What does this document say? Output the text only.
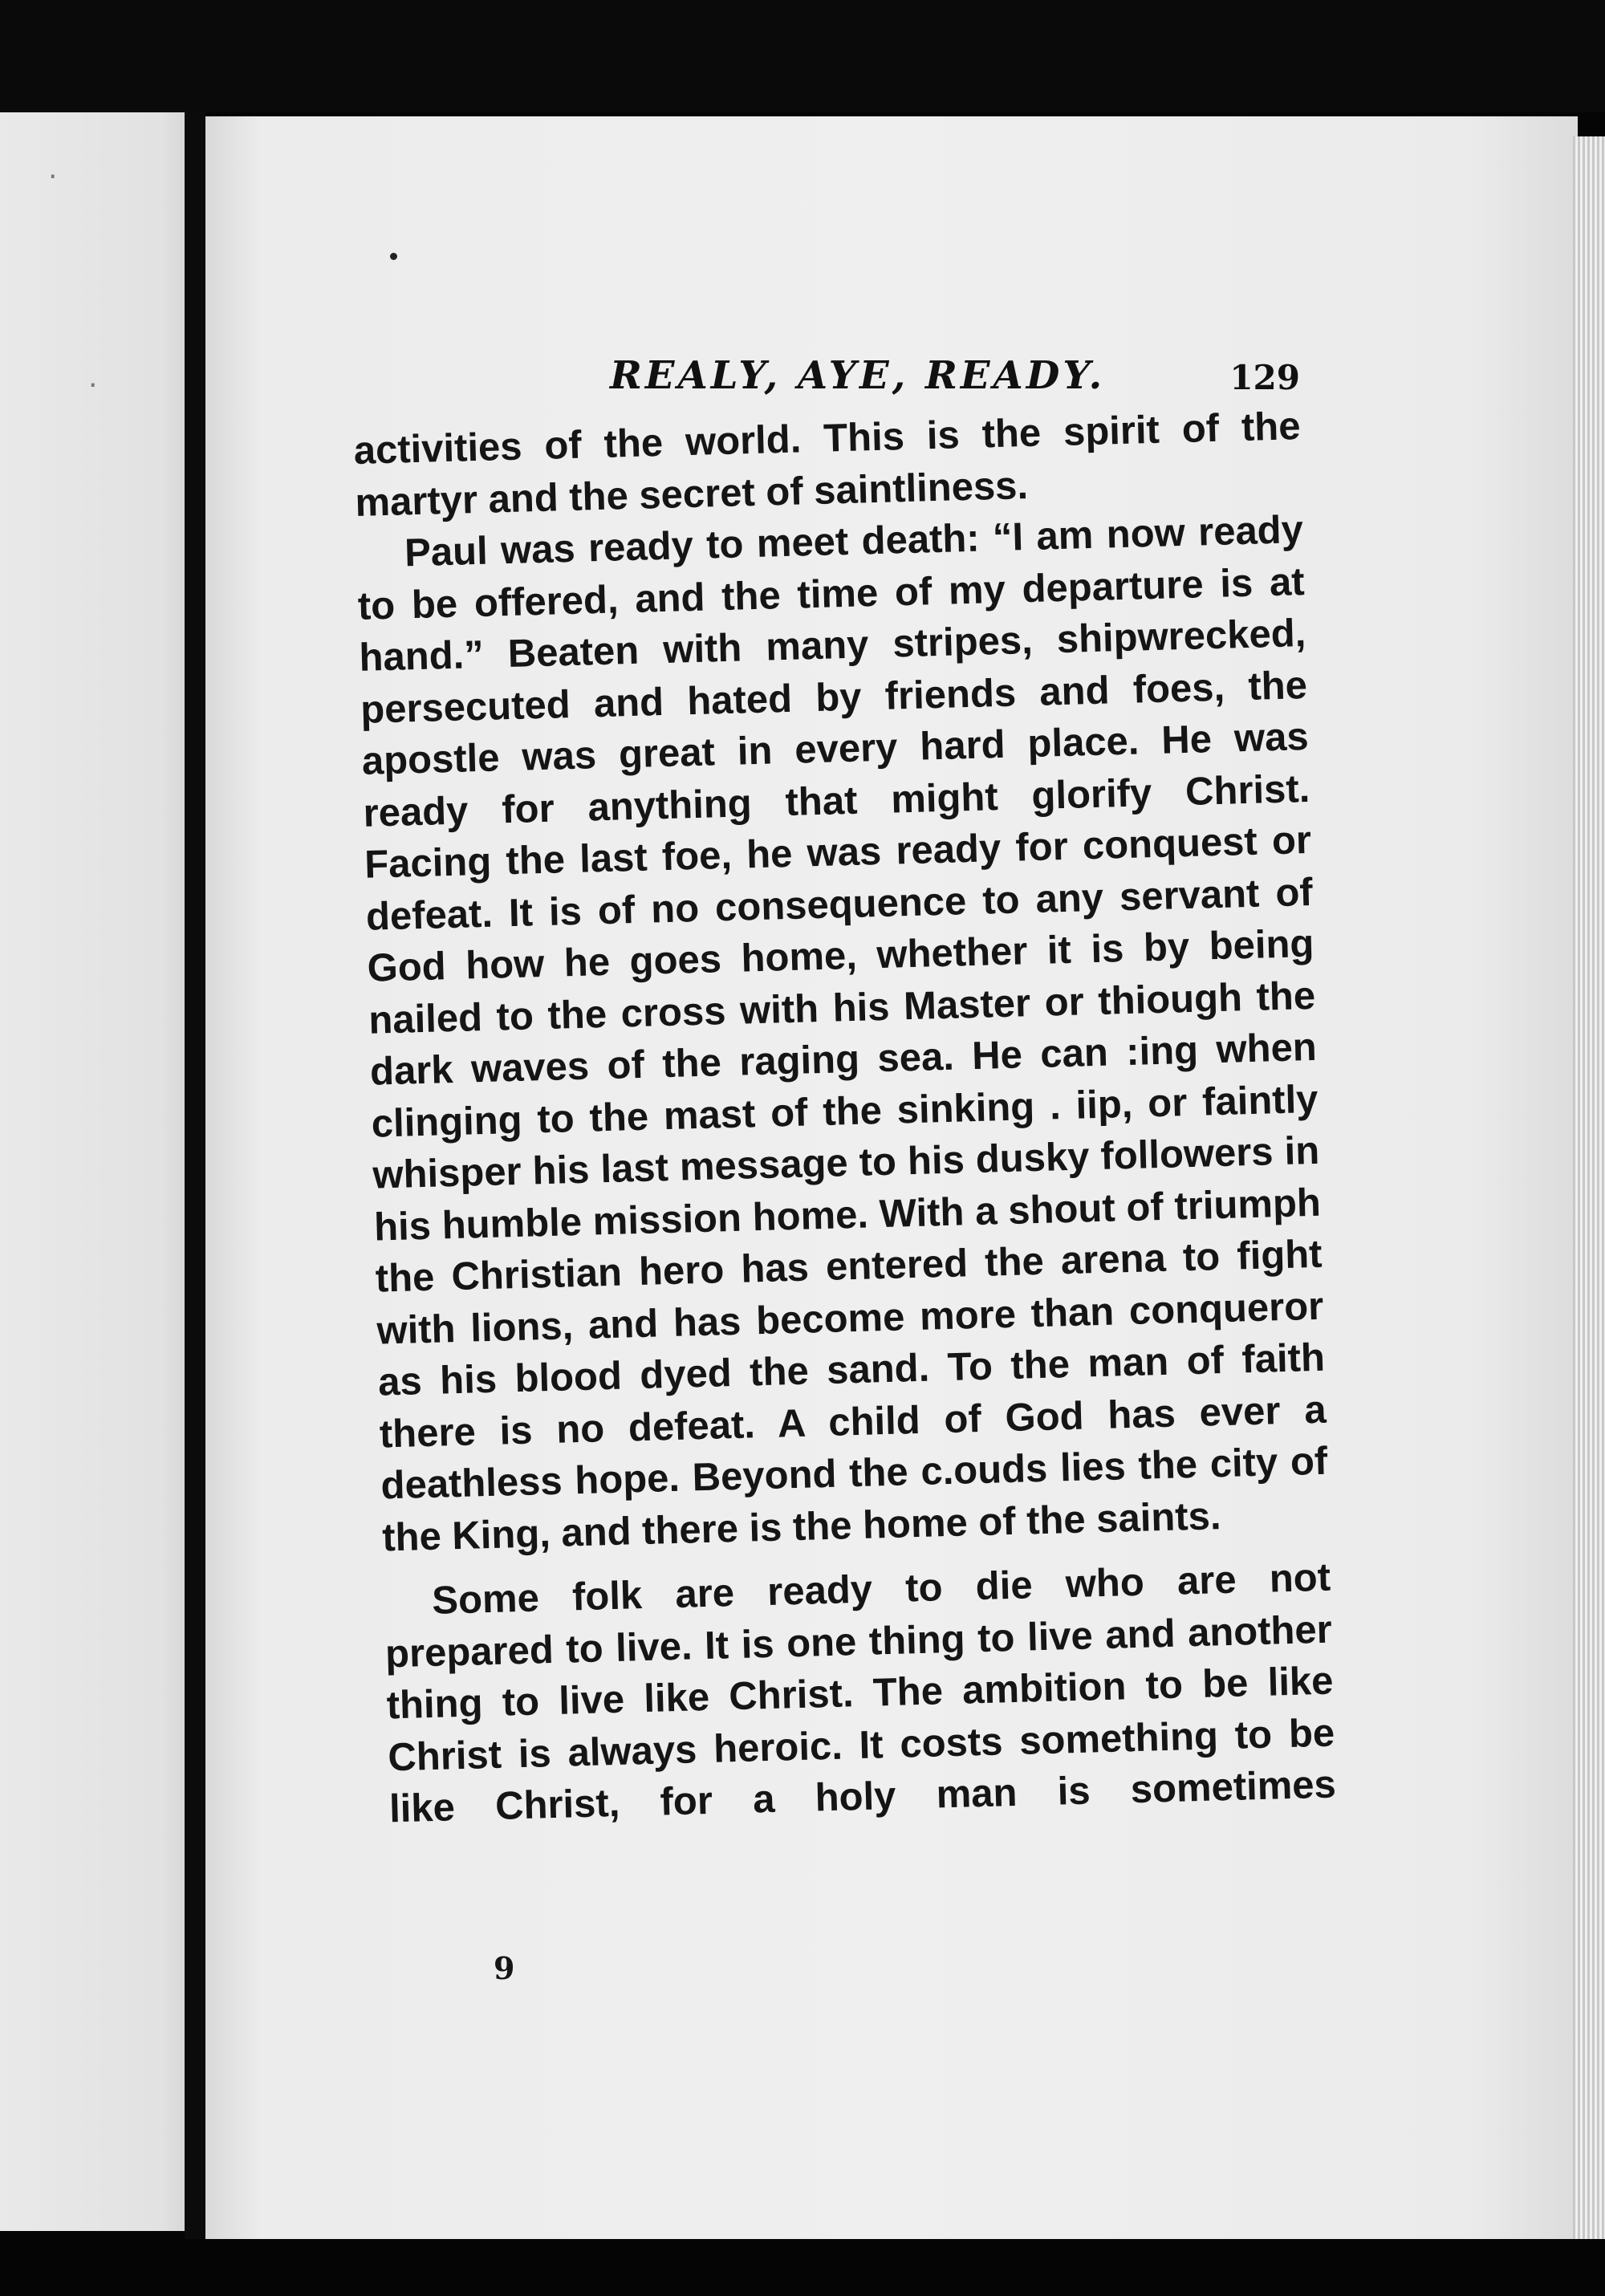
·
·	REALY, AYE, READY.	129

activities of the world. This is the spirit of the martyr and the secret of saintliness.

Paul was ready to meet death: “I am now ready to be offered, and the time of my departure is at hand.” Beaten with many stripes, shipwrecked, persecuted and hated by friends and foes, the apostle was great in every hard place. He was ready for anything that might glorify Christ. Facing the last foe, he was ready for conquest or defeat. It is of no consequence to any servant of God how he goes home, whether it is by being nailed to the cross with his Master or thiough the dark waves of the raging sea. He can :ing when clinging to the mast of the sinking . iip, or faintly whisper his last message to his dusky followers in his humble mission home. With a shout of triumph the Christian hero has entered the arena to fight with lions, and has become more than conqueror as his blood dyed the sand. To the man of faith there is no defeat. A child of God has ever a deathless hope. Beyond the c.ouds lies the city of the King, and there is the home of the saints.

Some folk are ready to die who are not prepared to live. It is one thing to live and another thing to live like Christ. The ambition to be like Christ is always heroic. It costs something to be like Christ, for a holy man is sometimes

9
